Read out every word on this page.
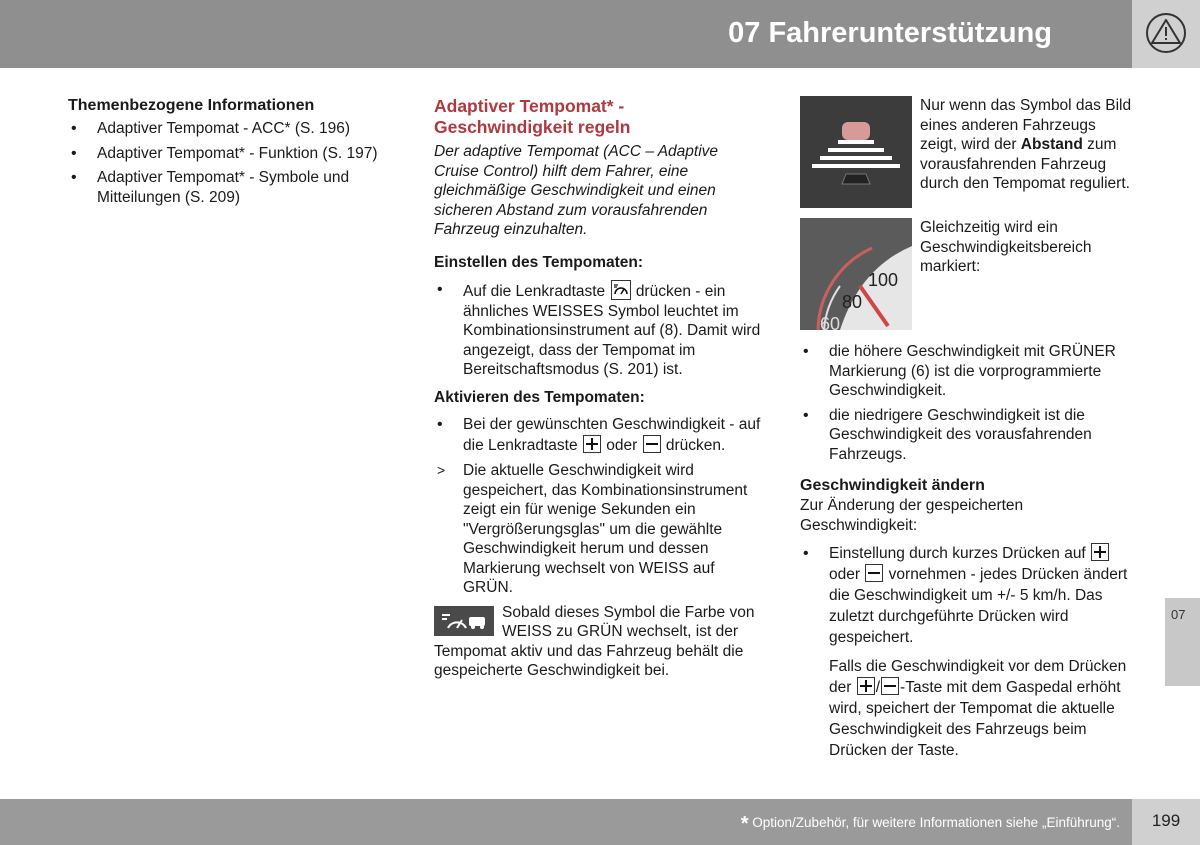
07 Fahrerunterstützung
Themenbezogene Informationen
• Adaptiver Tempomat - ACC* (S. 196)
• Adaptiver Tempomat* - Funktion (S. 197)
• Adaptiver Tempomat* - Symbole und Mitteilungen (S. 209)
Adaptiver Tempomat* - Geschwindigkeit regeln

Der adaptive Tempomat (ACC – Adaptive Cruise Control) hilft dem Fahrer, eine gleichmäßige Geschwindigkeit und einen sicheren Abstand zum vorausfahrenden Fahrzeug einzuhalten.

Einstellen des Tempomaten:
• Auf die Lenkradtaste drücken - ein ähnliches WEISSES Symbol leuchtet im Kombinationsinstrument auf (8). Damit wird angezeigt, dass der Tempomat im Bereitschaftsmodus (S. 201) ist.
Aktivieren des Tempomaten:
• Bei der gewünschten Geschwindigkeit - auf die Lenkradtaste oder drücken.
> Die aktuelle Geschwindigkeit wird gespeichert, das Kombinationsinstrument zeigt ein für wenige Sekunden ein "Vergrößerungsglas" um die gewählte Geschwindigkeit herum und dessen Markierung wechselt von WEISS auf GRÜN.
Sobald dieses Symbol die Farbe von WEISS zu GRÜN wechselt, ist der Tempomat aktiv und das Fahrzeug behält die gespeicherte Geschwindigkeit bei.
Nur wenn das Symbol das Bild eines anderen Fahrzeugs zeigt, wird der Abstand zum vorausfahrenden Fahrzeug durch den Tempomat reguliert.
100
80
60
Gleichzeitig wird ein Geschwindigkeitsbereich markiert:
• die höhere Geschwindigkeit mit GRÜNER Markierung (6) ist die vorprogrammierte Geschwindigkeit.
• die niedrigere Geschwindigkeit ist die Geschwindigkeit des vorausfahrenden Fahrzeugs.
Geschwindigkeit ändern

Zur Änderung der gespeicherten Geschwindigkeit:

• Einstellung durch kurzes Drücken auf  oder vornehmen - jedes Drücken ändert die Geschwindigkeit um +/- 5 km/h. Das zuletzt durchgeführte Drücken wird gespeichert.
Falls die Geschwindigkeit vor dem Drücken der / -Taste mit dem Gaspedal erhöht wird, speichert der Tempomat die aktuelle Geschwindigkeit des Fahrzeugs beim Drücken der Taste.
07
* Option/Zubehör, für weitere Informationen siehe „Einführung“.	199
